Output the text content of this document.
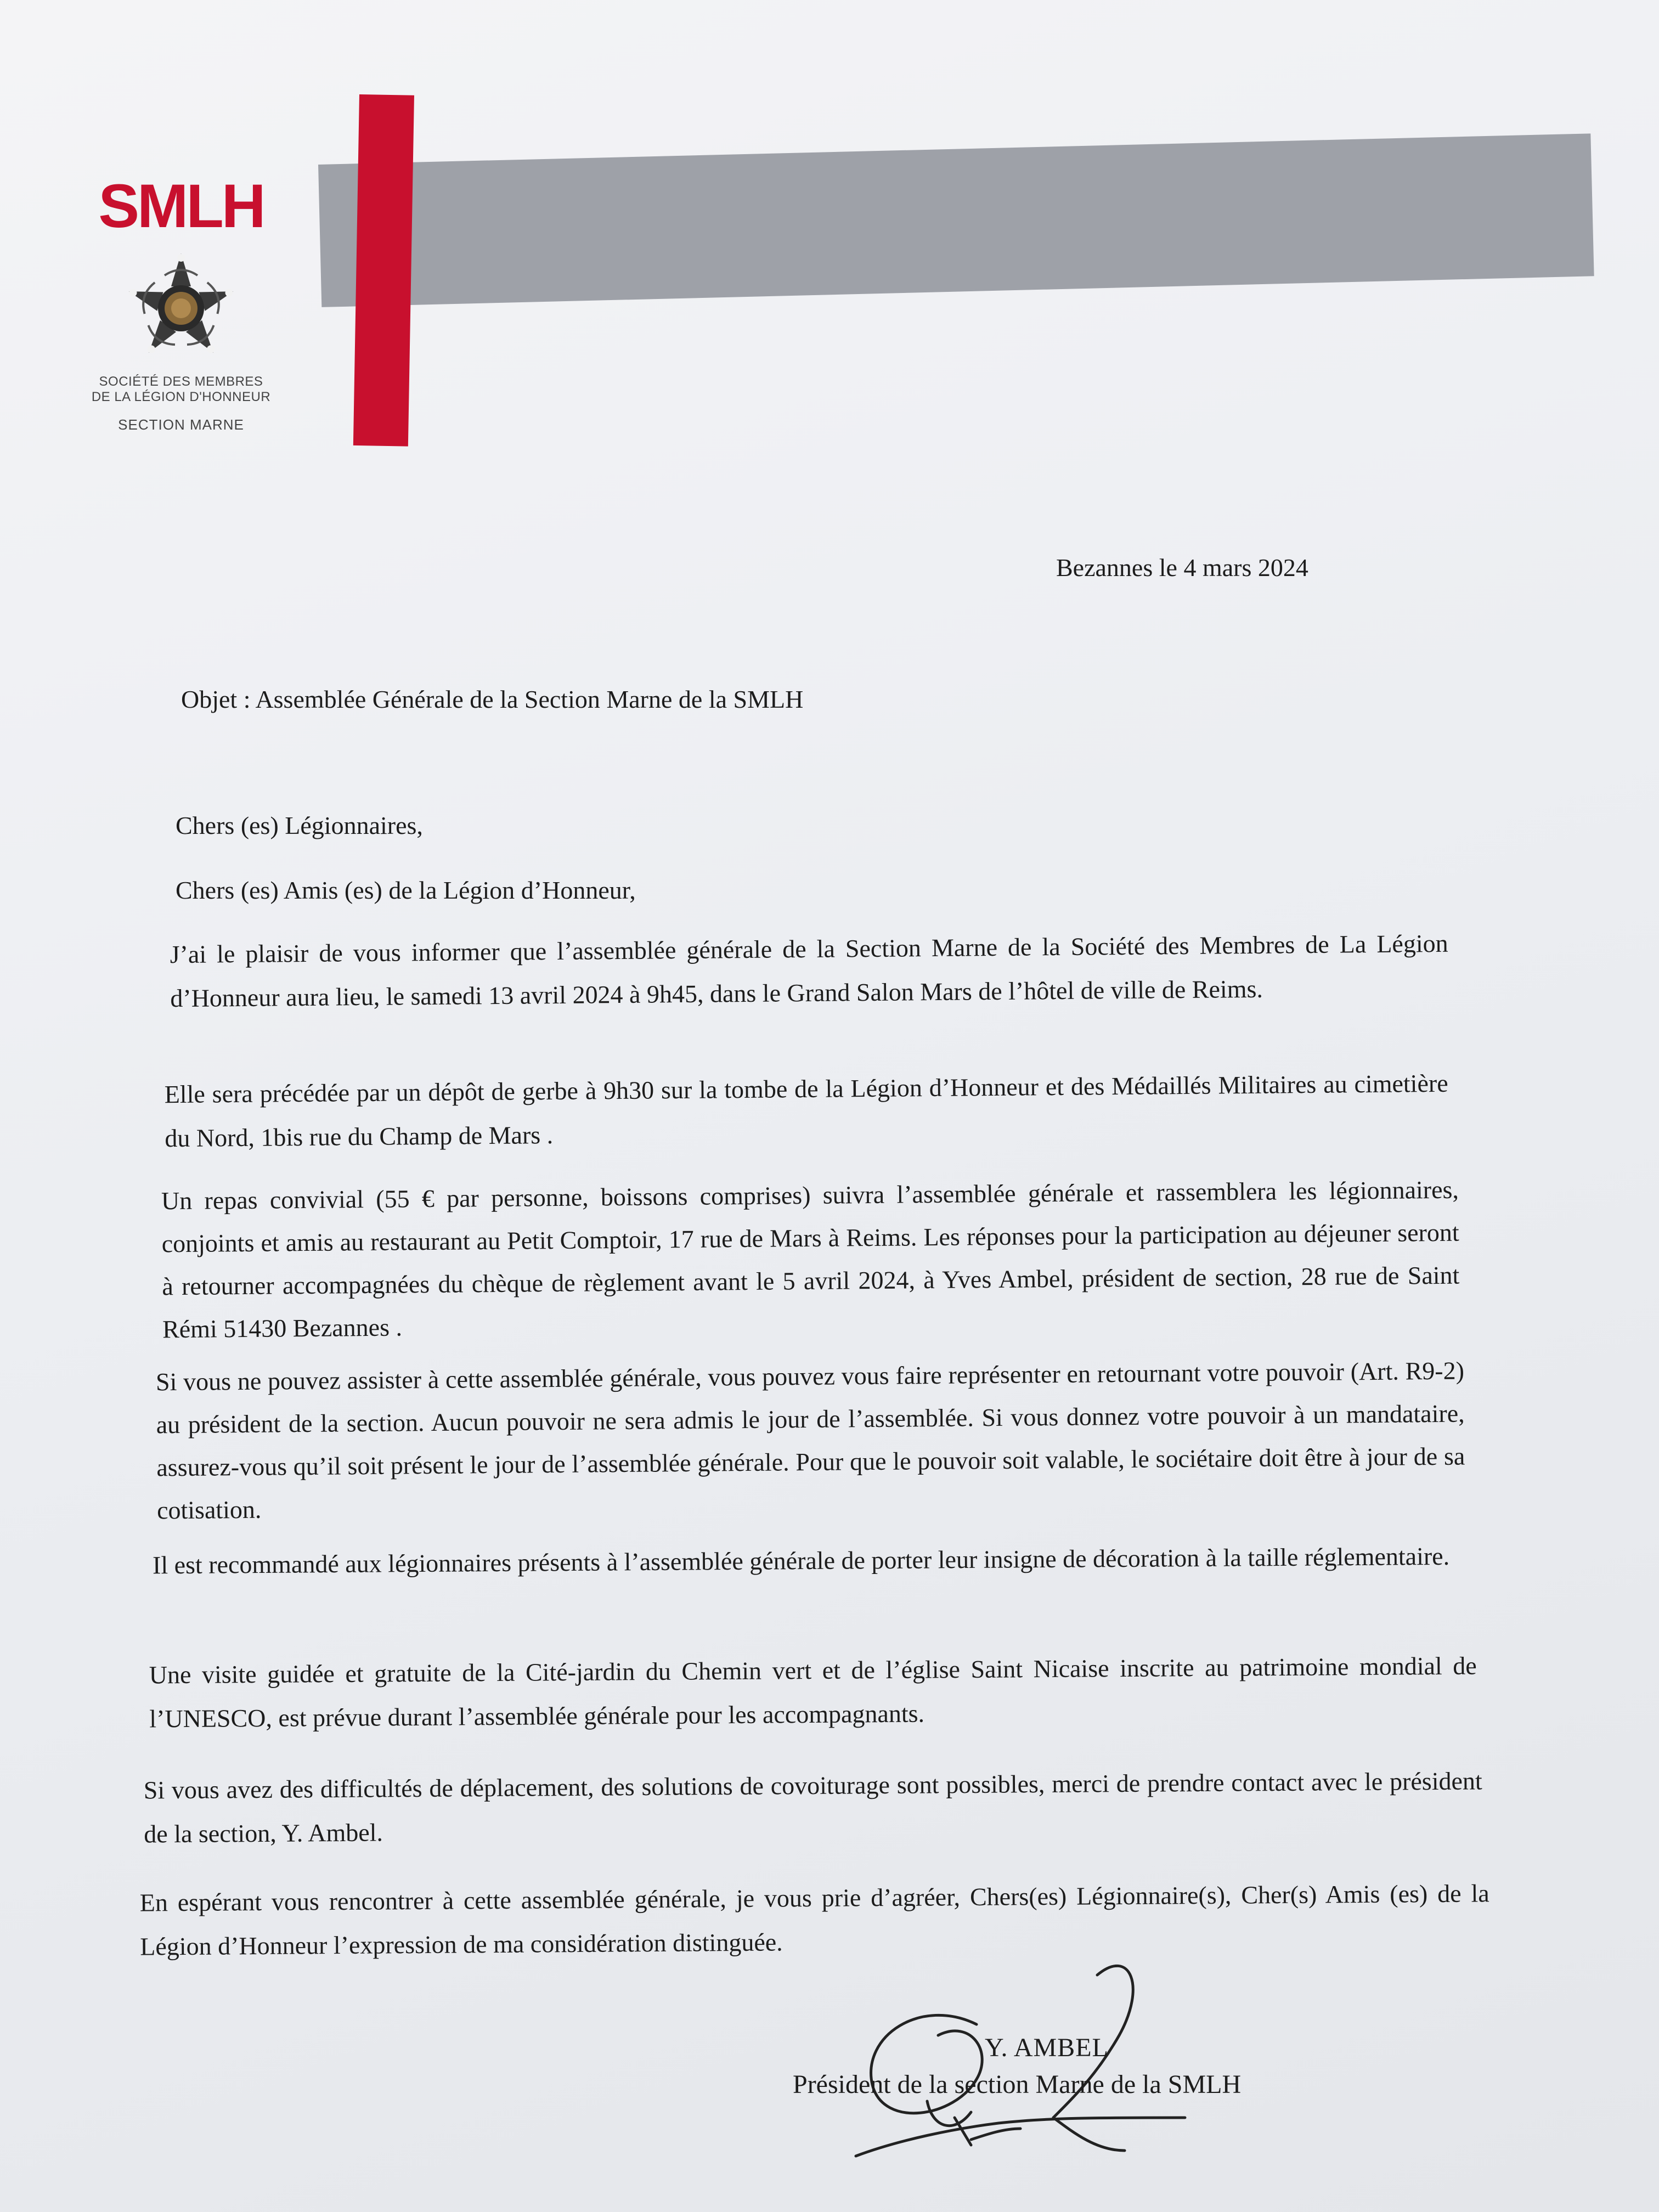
SMLH
SOCIÉTÉ DES MEMBRES
DE LA LÉGION D'HONNEUR
SECTION MARNE
Bezannes le 4 mars 2024
Objet : Assemblée Générale de la Section Marne de la SMLH
Chers (es) Légionnaires,
Chers (es) Amis (es) de la Légion d’Honneur,

J’ai le plaisir de vous informer que l’assemblée générale de la Section Marne de la Société des Membres de La Légion d’Honneur aura lieu, le samedi 13 avril 2024 à 9h45, dans le Grand Salon Mars de l’hôtel de ville de Reims.

Elle sera précédée par un dépôt de gerbe à 9h30 sur la tombe de la Légion d’Honneur et des Médaillés Militaires au cimetière du Nord, 1bis rue du Champ de Mars .

Un repas convivial (55 € par personne, boissons comprises) suivra l’assemblée générale et rassemblera les légionnaires, conjoints et amis au restaurant au Petit Comptoir, 17 rue de Mars à Reims. Les réponses pour la participation au déjeuner seront à retourner accompagnées du chèque de règlement avant le 5 avril 2024, à Yves Ambel, président de section, 28 rue de Saint Rémi 51430 Bezannes .

Si vous ne pouvez assister à cette assemblée générale, vous pouvez vous faire représenter en retournant votre pouvoir (Art. R9-2) au président de la section. Aucun pouvoir ne sera admis le jour de l’assemblée. Si vous donnez votre pouvoir à un mandataire, assurez-vous qu’il soit présent le jour de l’assemblée générale. Pour que le pouvoir soit valable, le sociétaire doit être à jour de sa cotisation.

Il est recommandé aux légionnaires présents à l’assemblée générale de porter leur insigne de décoration à la taille réglementaire.

Une visite guidée et gratuite de la Cité-jardin du Chemin vert et de l’église Saint Nicaise inscrite au patrimoine mondial de l’UNESCO, est prévue durant l’assemblée générale pour les accompagnants.

Si vous avez des difficultés de déplacement, des solutions de covoiturage sont possibles, merci de prendre contact avec le président de la section, Y. Ambel.

En espérant vous rencontrer à cette assemblée générale, je vous prie d’agréer, Chers(es) Légionnaire(s), Cher(s) Amis (es) de la Légion d’Honneur l’expression de ma considération distinguée.

Y. AMBEL
Président de la section Marne de la SMLH
